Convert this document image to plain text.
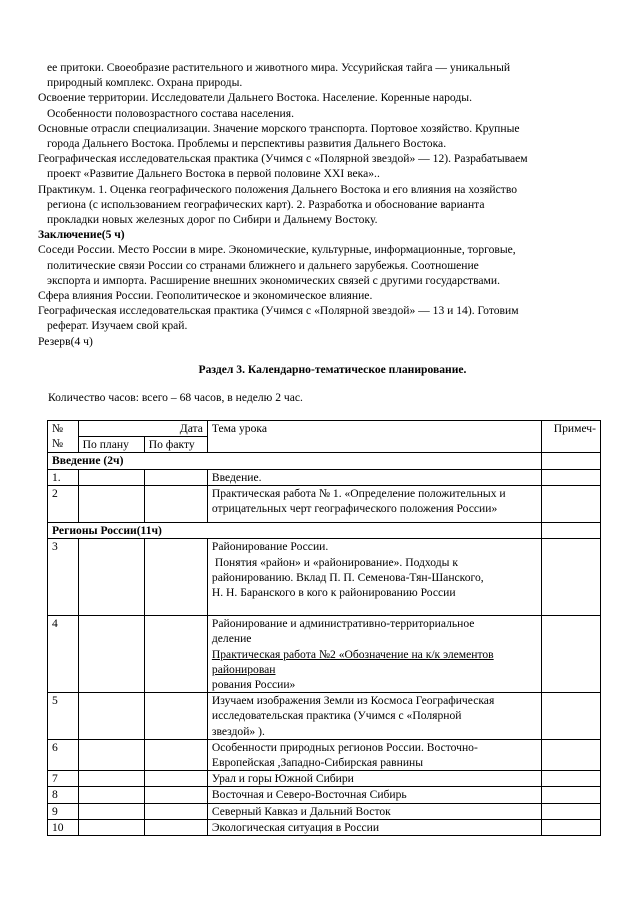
ее притоки. Своеобразие растительного и животного мира. Уссурийская тайга — уникальный
природный комплекс. Охрана природы.

Освоение территории. Исследователи Дальнего Востока. Население. Коренные народы.
Особенности половозрастного состава населения.

Основные отрасли специализации. Значение морского транспорта. Портовое хозяйство. Крупные
города Дальнего Востока. Проблемы и перспективы развития Дальнего Востока.

Географическая исследовательская практика (Учимся с «Полярной звездой» — 12). Разрабатываем
проект «Развитие Дальнего Востока в первой половине XXI века»..

Практикум. 1. Оценка географического положения Дальнего Востока и его влияния на хозяйство
региона (с использованием географических карт). 2. Разработка и обоснование варианта
прокладки новых железных дорог по Сибири и Дальнему Востоку.

Заключение(5 ч)

Соседи России. Место России в мире. Экономические, культурные, информационные, торговые,
политические связи России со странами ближнего и дальнего зарубежья. Соотношение
экспорта и импорта. Расширение внешних экономических связей с другими государствами.

Сфера влияния России. Геополитическое и экономическое влияние.

Географическая исследовательская практика (Учимся с «Полярной звездой» — 13 и 14). Готовим
реферат. Изучаем свой край.

Резерв(4 ч)

Раздел 3. Календарно-тематическое планирование.

Количество часов: всего – 68 часов, в неделю 2 час.

№№	Дата		Тема урока	Примеч-
	По плану	По факту		
Введение (2ч)				
1.			Введение.	
2			Практическая работа № 1. «Определение положительных и
отрицательных черт географического положения России»	

Регионы России(11ч)				
3			Районирование России.
Понятия «район» и «районирование». Подходы к
районированию. Вклад П. П. Семенова-Тян-Шанского,
Н. Н. Баранского в кого к районированию России	

4			Районирование и административно-территориальное
деление
Практическая работа №2 «Обозначение на к/к элементов
районирован
рования России»	

5			Изучаем изображения Земли из Космоса Географическая
исследовательская практика (Учимся с «Полярной
звездой» ).	

6			Особенности природных регионов России. Восточно-
Европейская ,Западно-Сибирская равнины	

7			Урал и горы Южной Сибири	
8			Восточная и Северо-Восточная Сибирь	
9			Северный Кавказ и Дальний Восток	
10			Экологическая ситуация в России	
